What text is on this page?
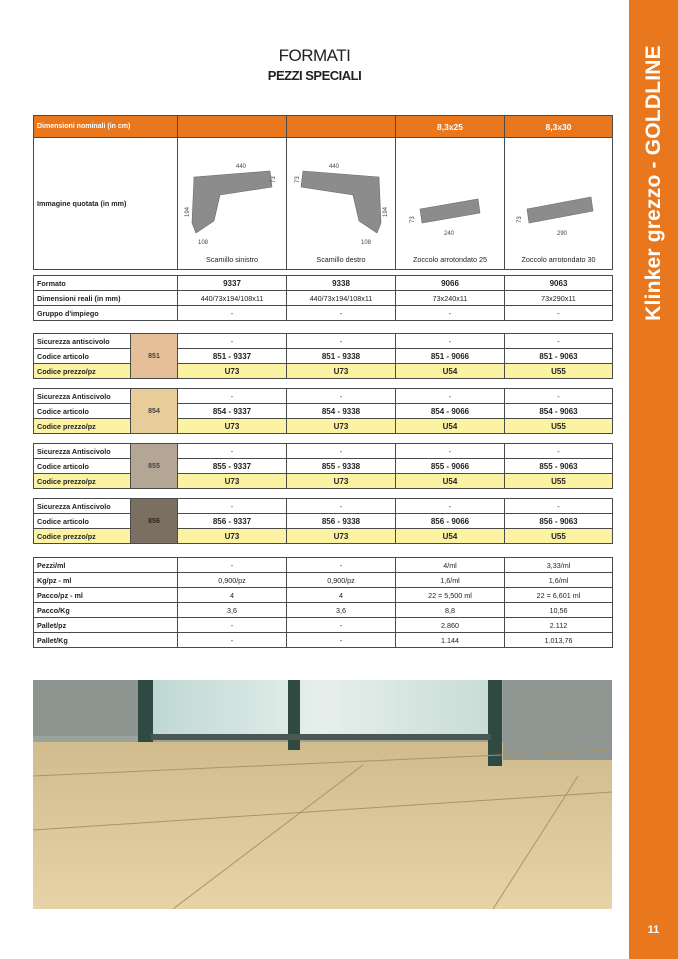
Klinker grezzo - GOLDLINE
11
FORMATI
PEZZI SPECIALI
Dimensioni nominali (in cm)			8,3x25	8,3x30
Immagine quotata (in mm)	440
73
194
108
Scamillo sinistro	440
73
194
108
Scamillo destro	73
240
Zoccolo arrotondato 25	73
290
Zoccolo arrotondato 30
Formato	9337	9338	9066	9063
Dimensioni reali (in mm)	440/73x194/108x11	440/73x194/108x11	73x240x11	73x290x11
Gruppo d'impiego	-	-	-	-
Sicurezza antiscivolo	851	-	-	-	-
Codice articolo		851 - 9337	851 - 9338	851 - 9066	851 - 9063
Codice prezzo/pz		U73	U73	U54	U55
Sicurezza Antiscivolo	854	-	-	-	-
Codice articolo		854 - 9337	854 - 9338	854 - 9066	854 - 9063
Codice prezzo/pz		U73	U73	U54	U55
Sicurezza Antiscivolo	855	-	-	-	-
Codice articolo		855 - 9337	855 - 9338	855 - 9066	855 - 9063
Codice prezzo/pz		U73	U73	U54	U55
Sicurezza Antiscivolo	856	-	-	-	-
Codice articolo		856 - 9337	856 - 9338	856 - 9066	856 - 9063
Codice prezzo/pz		U73	U73	U54	U55
Pezzi/ml	-	-	4/ml	3,33/ml
Kg/pz - ml	0,900/pz	0,900/pz	1,6/ml	1,6/ml
Pacco/pz - ml	4	4	22 = 5,500 ml	22 = 6,601 ml
Pacco/Kg	3,6	3,6	8,8	10,56
Pallet/pz	-	-	2.860	2.112
Pallet/Kg	-	-	1.144	1.013,76
